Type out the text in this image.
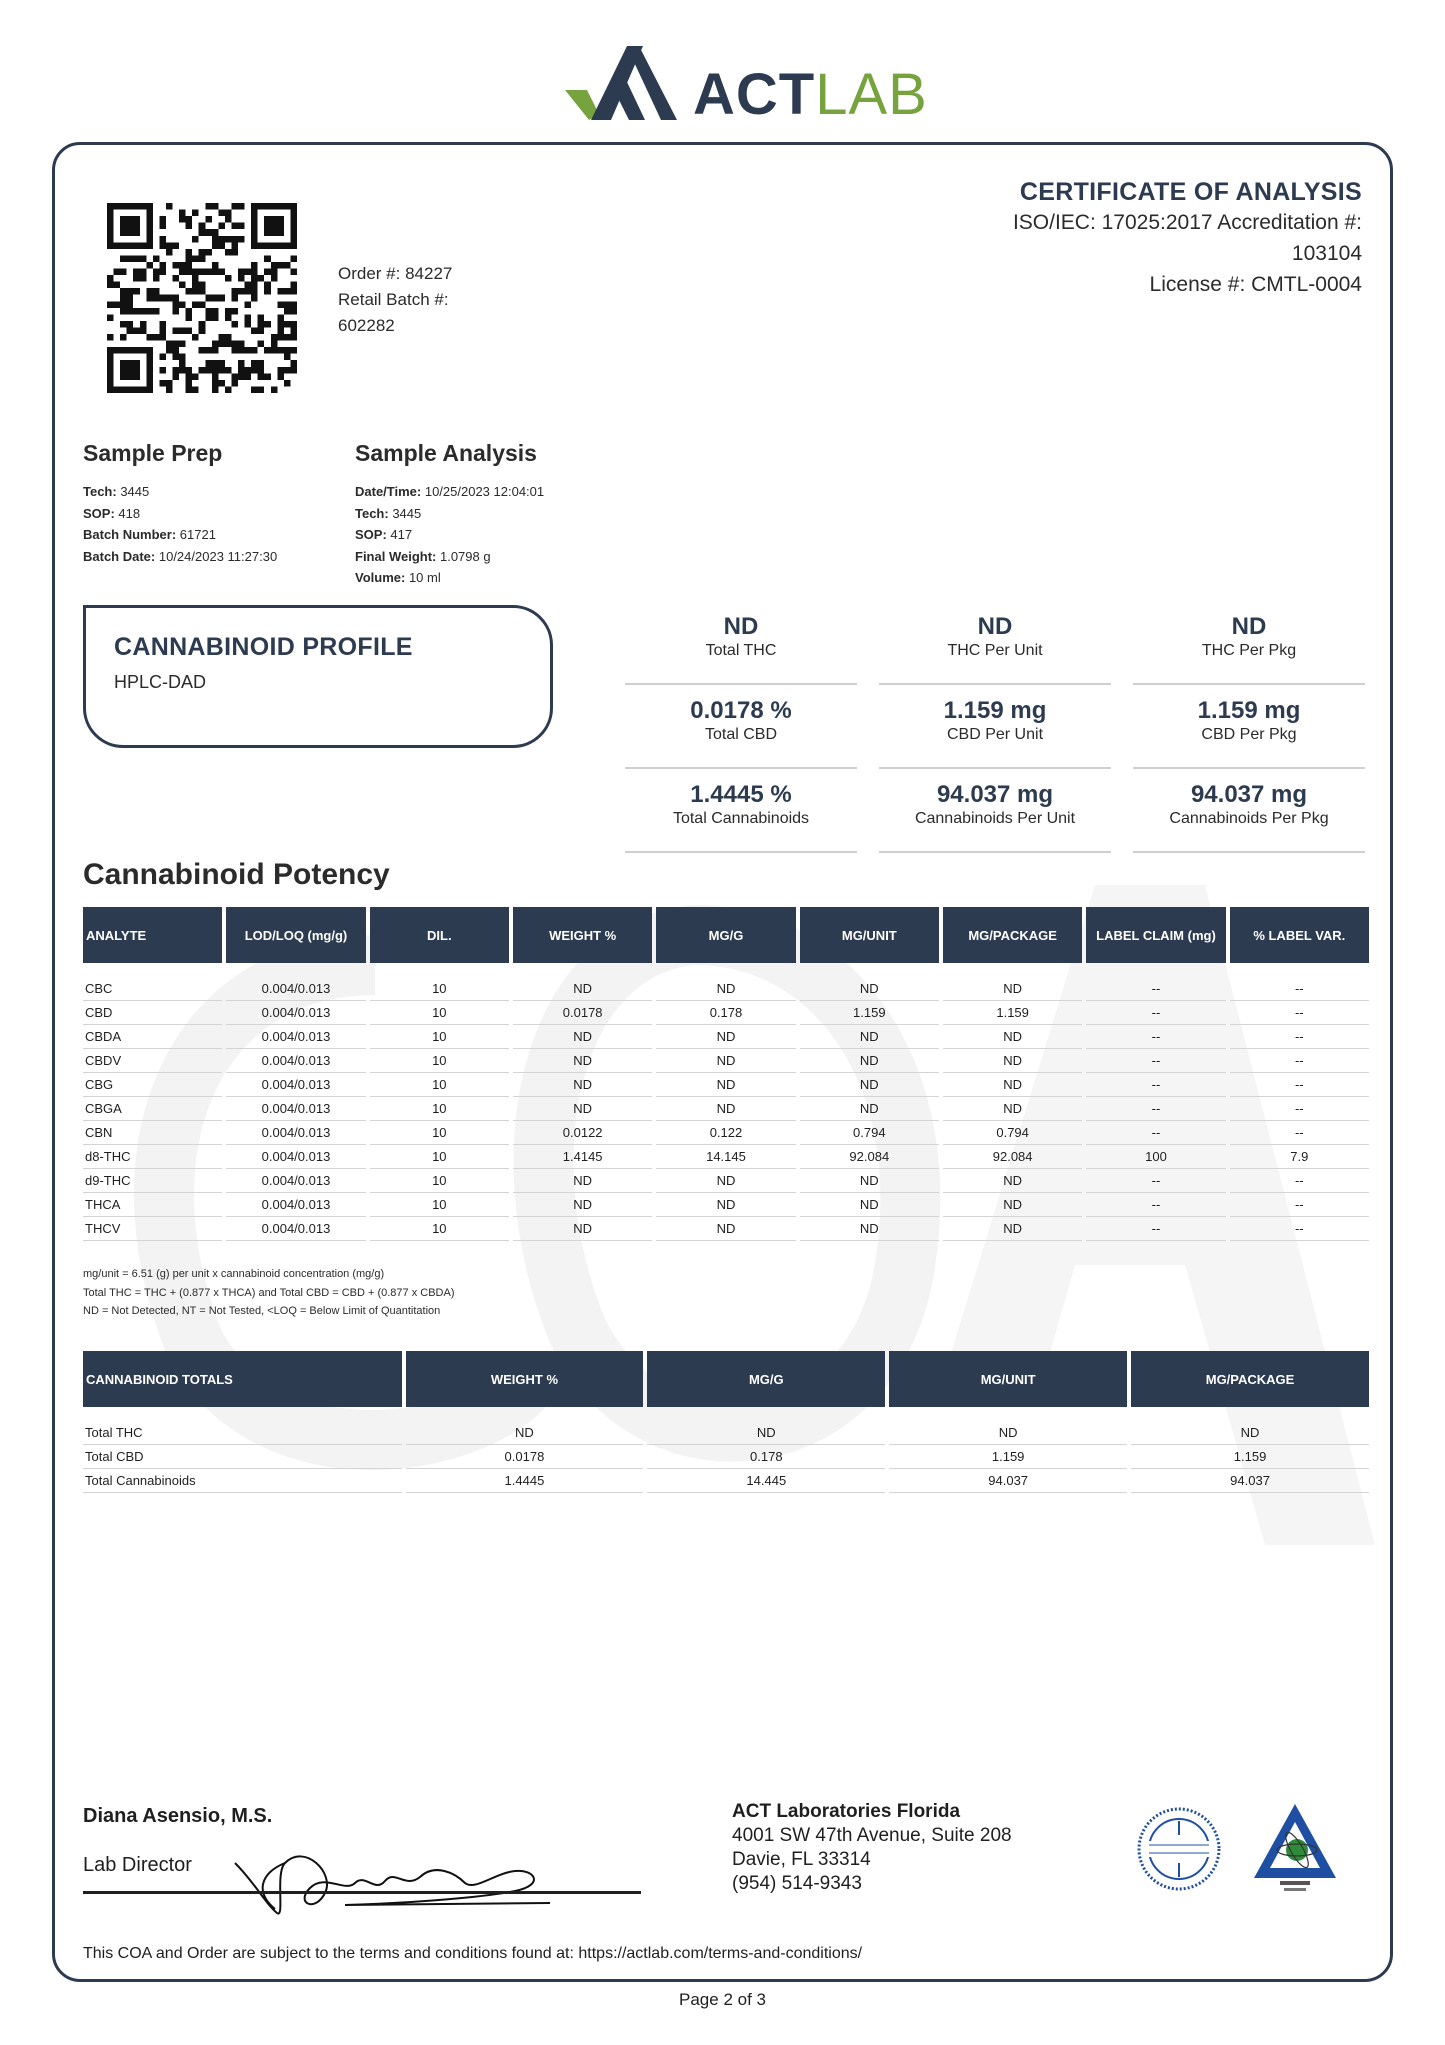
ACTLAB
Order #: 84227
Retail Batch #:
602282
CERTIFICATE OF ANALYSIS
ISO/IEC: 17025:2017 Accreditation #:
103104
License #: CMTL-0004
Sample Prep
Tech: 3445
SOP: 418
Batch Number: 61721
Batch Date: 10/24/2023 11:27:30
Sample Analysis
Date/Time: 10/25/2023 12:04:01
Tech: 3445
SOP: 417
Final Weight: 1.0798 g
Volume: 10 ml
CANNABINOID PROFILE
HPLC-DAD
ND
Total THC
ND
THC Per Unit
ND
THC Per Pkg
0.0178 %
Total CBD
1.159 mg
CBD Per Unit
1.159 mg
CBD Per Pkg
1.4445 %
Total Cannabinoids
94.037 mg
Cannabinoids Per Unit
94.037 mg
Cannabinoids Per Pkg
Cannabinoid Potency
ANALYTE	LOD/LOQ (mg/g)	DIL.	WEIGHT %	MG/G	MG/UNIT	MG/PACKAGE	LABEL CLAIM (mg)	% LABEL VAR.

CBC	0.004/0.013	10	ND	ND	ND	ND	--	--
CBD	0.004/0.013	10	0.0178	0.178	1.159	1.159	--	--
CBDA	0.004/0.013	10	ND	ND	ND	ND	--	--
CBDV	0.004/0.013	10	ND	ND	ND	ND	--	--
CBG	0.004/0.013	10	ND	ND	ND	ND	--	--
CBGA	0.004/0.013	10	ND	ND	ND	ND	--	--
CBN	0.004/0.013	10	0.0122	0.122	0.794	0.794	--	--
d8-THC	0.004/0.013	10	1.4145	14.145	92.084	92.084	100	7.9
d9-THC	0.004/0.013	10	ND	ND	ND	ND	--	--
THCA	0.004/0.013	10	ND	ND	ND	ND	--	--
THCV	0.004/0.013	10	ND	ND	ND	ND	--	--
mg/unit = 6.51 (g) per unit x cannabinoid concentration (mg/g)
Total THC = THC + (0.877 x THCA) and Total CBD = CBD + (0.877 x CBDA)
ND = Not Detected, NT = Not Tested, <LOQ = Below Limit of Quantitation
CANNABINOID TOTALS	WEIGHT %	MG/G	MG/UNIT	MG/PACKAGE

Total THC	ND	ND	ND	ND
Total CBD	0.0178	0.178	1.159	1.159
Total Cannabinoids	1.4445	14.445	94.037	94.037
Diana Asensio, M.S.
Lab Director
ACT Laboratories Florida
4001 SW 47th Avenue, Suite 208
Davie, FL 33314
(954) 514-9343
This COA and Order are subject to the terms and conditions found at: https://actlab.com/terms-and-conditions/
Page 2 of 3
